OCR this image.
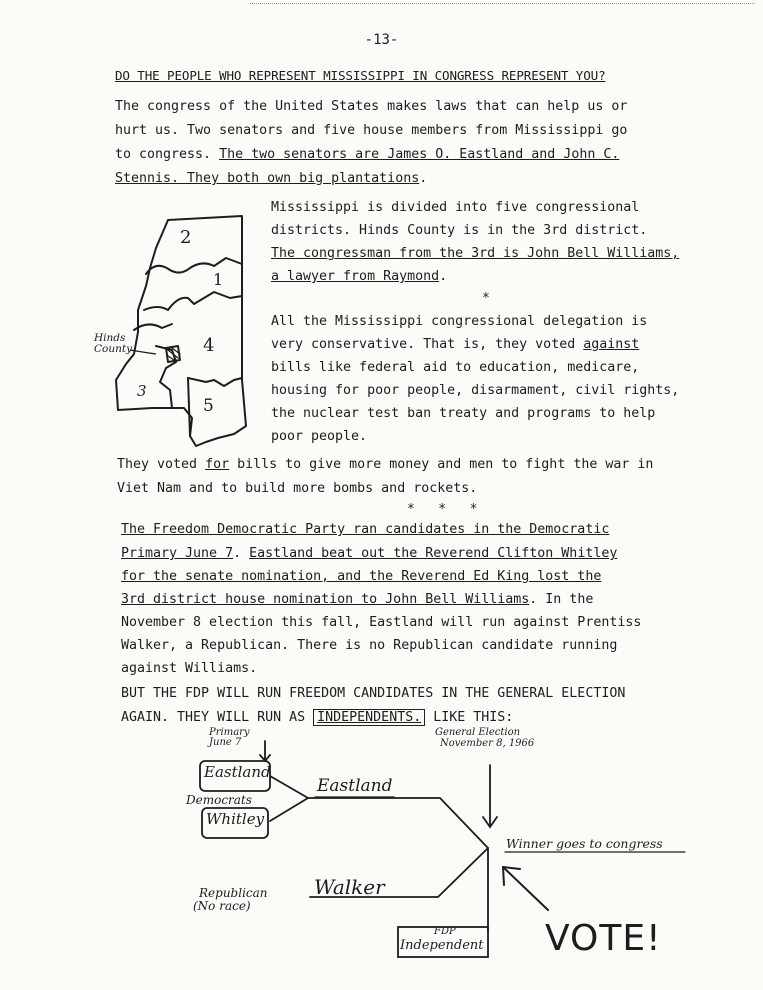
-13-
DO THE PEOPLE WHO REPRESENT MISSISSIPPI IN CONGRESS REPRESENT YOU?
The congress of the United States makes laws that can help us or
hurt us. Two senators and five house members from Mississippi go
to congress. The two senators are James O. Eastland and John C.
Stennis. They both own big plantations.
2
1
4
3
5
Hinds
County
Mississippi is divided into five congressional
districts. Hinds County is in the 3rd district.
The congressman from the 3rd is John Bell Williams,
a lawyer from Raymond.
*
All the Mississippi congressional delegation is
very conservative. That is, they voted against
bills like federal aid to education, medicare,
housing for poor people, disarmament, civil rights,
the nuclear test ban treaty and programs to help
poor people.
They voted for bills to give more money and men to fight the war in
Viet Nam and to build more bombs and rockets.
*   *   *
The Freedom Democratic Party ran candidates in the Democratic
Primary June 7. Eastland beat out the Reverend Clifton Whitley
for the senate nomination, and the Reverend Ed King lost the
3rd district house nomination to John Bell Williams. In the
November 8 election this fall, Eastland will run against Prentiss
Walker, a Republican. There is no Republican candidate running
against Williams.
BUT THE FDP WILL RUN FREEDOM CANDIDATES IN THE GENERAL ELECTION
AGAIN. THEY WILL RUN AS INDEPENDENTS. LIKE THIS:
Primary
June 7
Eastland
Democrats
Whitley
Eastland
General Election
November 8, 1966
Winner goes to congress
Republican
(No race)
Walker
FDP
Independent VOTE!
